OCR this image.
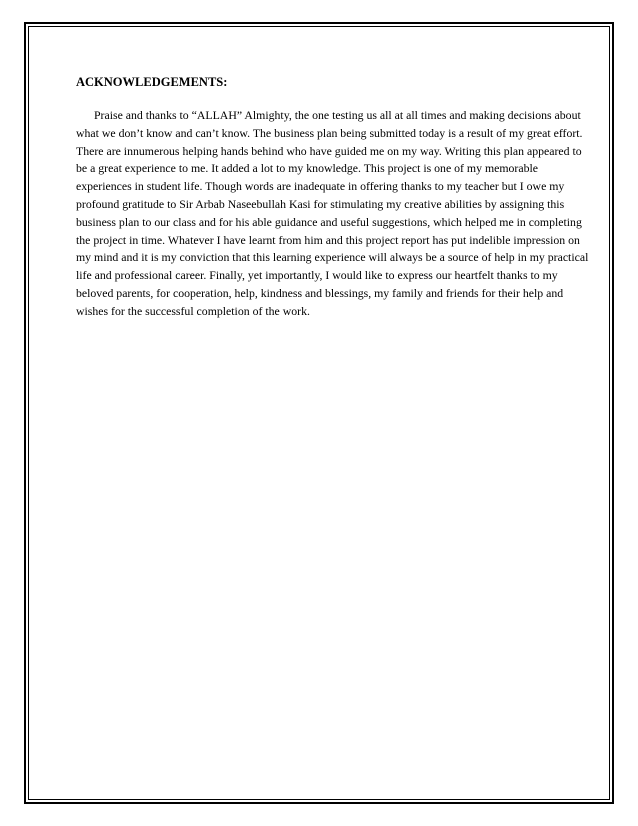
ACKNOWLEDGEMENTS:

Praise and thanks to “ALLAH” Almighty, the one testing us all at all times and making decisions about what we don’t know and can’t know. The business plan being submitted today is a result of my great effort. There are innumerous helping hands behind who have guided me on my way. Writing this plan appeared to be a great experience to me. It added a lot to my knowledge. This project is one of my memorable experiences in student life. Though words are inadequate in offering thanks to my teacher but I owe my profound gratitude to Sir Arbab Naseebullah Kasi for stimulating my creative abilities by assigning this business plan to our class and for his able guidance and useful suggestions, which helped me in completing the project in time. Whatever I have learnt from him and this project report has put indelible impression on my mind and it is my conviction that this learning experience will always be a source of help in my practical life and professional career. Finally, yet importantly, I would like to express our heartfelt thanks to my beloved parents, for cooperation, help, kindness and blessings, my family and friends for their help and wishes for the successful completion of the work.
